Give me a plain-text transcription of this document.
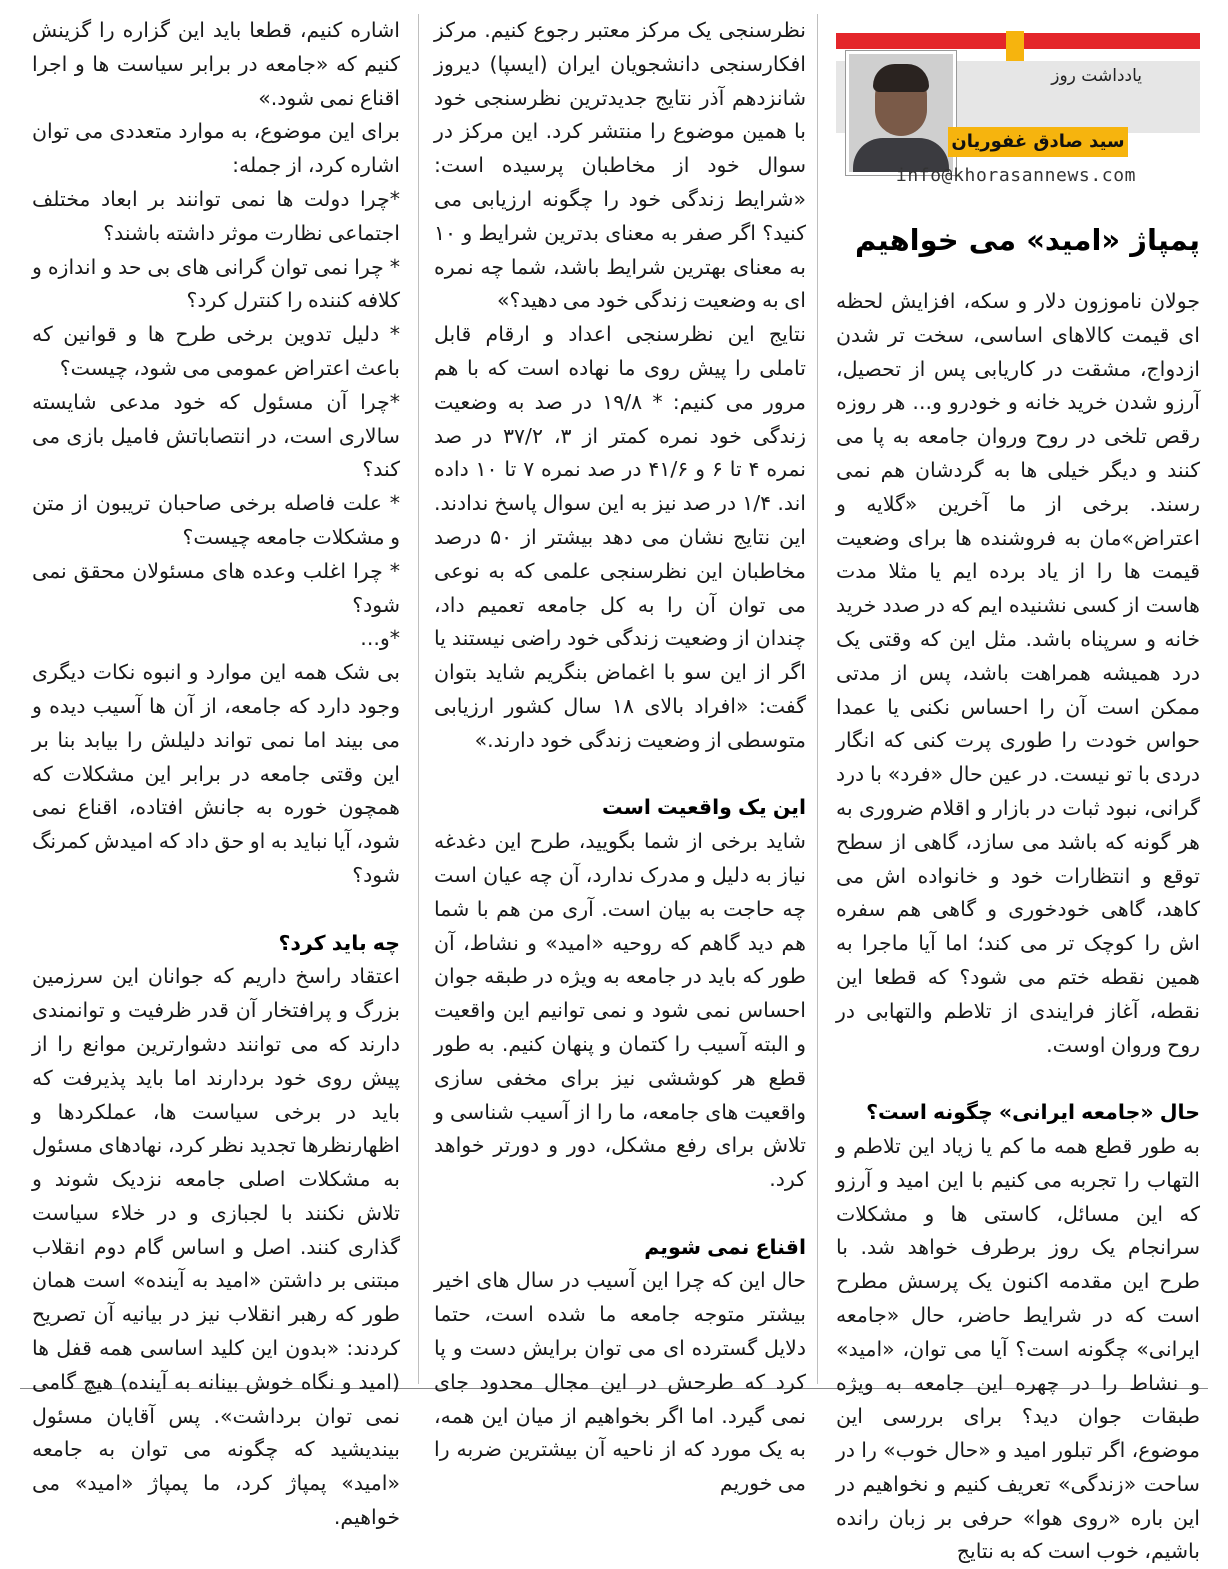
یادداشت روز
سید صادق غفوریان
info@khorasannews.com
پمپاژ «امید» می خواهیم

جولان ناموزون دلار و سکه، افزایش لحظه ای قیمت کالاهای اساسی، سخت تر شدن ازدواج، مشقت در کاریابی پس از تحصیل، آرزو شدن خرید خانه و خودرو و... هر روزه رقص تلخی در روح وروان جامعه به پا می کنند و دیگر خیلی ها به گردشان هم نمی رسند. برخی از ما آخرین «گلایه و اعتراض»مان به فروشنده ها برای وضعیت قیمت ها را از یاد برده ایم یا مثلا مدت هاست از کسی نشنیده ایم که در صدد خرید خانه و سرپناه باشد. مثل این که وقتی یک درد همیشه همراهت باشد، پس از مدتی ممکن است آن را احساس نکنی یا عمدا حواس خودت را طوری پرت کنی که انگار دردی با تو نیست. در عین حال «فرد» با درد گرانی، نبود ثبات در بازار و اقلام ضروری به هر گونه که باشد می سازد، گاهی از سطح توقع و انتظارات خود و خانواده اش می کاهد، گاهی خودخوری و گاهی هم سفره اش را کوچک تر می کند؛ اما آیا ماجرا به همین نقطه ختم می شود؟ که قطعا این نقطه، آغاز فرایندی از تلاطم والتهابی در روح وروان اوست.

حال «جامعه ایرانی» چگونه است؟

به طور قطع همه ما کم یا زیاد این تلاطم و التهاب را تجربه می کنیم با این امید و آرزو که این مسائل، کاستی ها و مشکلات سرانجام یک روز برطرف خواهد شد. با طرح این مقدمه اکنون یک پرسش مطرح است که در شرایط حاضر، حال «جامعه ایرانی» چگونه است؟ آیا می توان، «امید» و نشاط را در چهره این جامعه به ویژه طبقات جوان دید؟ برای بررسی این موضوع، اگر تبلور امید و «حال خوب» را در ساحت «زندگی» تعریف کنیم و نخواهیم در این باره «روی هوا» حرفی بر زبان رانده باشیم، خوب است که به نتایج

نظرسنجی یک مرکز معتبر رجوع کنیم. مرکز افکارسنجی دانشجویان ایران (ایسپا) دیروز شانزدهم آذر نتایج جدیدترین نظرسنجی خود با همین موضوع را منتشر کرد. این مرکز در سوال خود از مخاطبان پرسیده است: «شرایط زندگی خود را چگونه ارزیابی می کنید؟ اگر صفر به معنای بدترین شرایط و ۱۰ به معنای بهترین شرایط باشد، شما چه نمره ای به وضعیت زندگی خود می دهید؟»

نتایج این نظرسنجی اعداد و ارقام قابل تاملی را پیش روی ما نهاده است که با هم مرور می کنیم: * ۱۹/۸ در صد به وضعیت زندگی خود نمره کمتر از ۳، ۳۷/۲ در صد نمره ۴ تا ۶ و ۴۱/۶ در صد نمره ۷ تا ۱۰ داده اند. ۱/۴ در صد نیز به این سوال پاسخ ندادند. این نتایج نشان می دهد بیشتر از ۵۰ درصد مخاطبان این نظرسنجی علمی که به نوعی می توان آن را به کل جامعه تعمیم داد، چندان از وضعیت زندگی خود راضی نیستند یا اگر از این سو با اغماض بنگریم شاید بتوان گفت: «افراد بالای ۱۸ سال کشور ارزیابی متوسطی از وضعیت زندگی خود دارند.»

این یک واقعیت است

شاید برخی از شما بگویید، طرح این دغدغه نیاز به دلیل و مدرک ندارد، آن چه عیان است چه حاجت به بیان است. آری من هم با شما هم دید گاهم که روحیه «امید» و نشاط، آن طور که باید در جامعه به ویژه در طبقه جوان احساس نمی شود و نمی توانیم این واقعیت و البته آسیب را کتمان و پنهان کنیم. به طور قطع هر کوششی نیز برای مخفی سازی واقعیت های جامعه، ما را از آسیب شناسی و تلاش برای رفع مشکل، دور و دورتر خواهد کرد.

اقناع نمی شویم

حال این که چرا این آسیب در سال های اخیر بیشتر متوجه جامعه ما شده است، حتما دلایل گسترده ای می توان برایش دست و پا کرد که طرحش در این مجال محدود جای نمی گیرد. اما اگر بخواهیم از میان این همه، به یک مورد که از ناحیه آن بیشترین ضربه را می خوریم

اشاره کنیم، قطعا باید این گزاره را گزینش کنیم که «جامعه در برابر سیاست ها و اجرا اقناع نمی شود.»

برای این موضوع، به موارد متعددی می توان اشاره کرد، از جمله:

*چرا دولت ها نمی توانند بر ابعاد مختلف اجتماعی نظارت موثر داشته باشند؟

* چرا نمی توان گرانی های بی حد و اندازه و کلافه کننده را کنترل کرد؟

* دلیل تدوین برخی طرح ها و قوانین که باعث اعتراض عمومی می شود، چیست؟

*چرا آن مسئول که خود مدعی شایسته سالاری است، در انتصاباتش فامیل بازی می کند؟

* علت فاصله برخی صاحبان تریبون از متن و مشکلات جامعه چیست؟

* چرا اغلب وعده های مسئولان محقق نمی شود؟

*و...

بی شک همه این موارد و انبوه نکات دیگری وجود دارد که جامعه، از آن ها آسیب دیده و می بیند اما نمی تواند دلیلش را بیابد بنا بر این وقتی جامعه در برابر این مشکلات که همچون خوره به جانش افتاده، اقناع نمی شود، آیا نباید به او حق داد که امیدش کمرنگ شود؟

چه باید کرد؟

اعتقاد راسخ داریم که جوانان این سرزمین بزرگ و پرافتخار آن قدر ظرفیت و توانمندی دارند که می توانند دشوارترین موانع را از پیش روی خود بردارند اما باید پذیرفت که باید در برخی سیاست ها، عملکردها و اظهارنظرها تجدید نظر کرد، نهادهای مسئول به مشکلات اصلی جامعه نزدیک شوند و تلاش نکنند با لجبازی و در خلاء سیاست گذاری کنند. اصل و اساس گام دوم انقلاب مبتنی بر داشتن «امید به آینده» است همان طور که رهبر انقلاب نیز در بیانیه آن تصریح کردند: «بدون این کلید اساسی همه قفل ها (امید و نگاه خوش بینانه به آینده) هیچ گامی نمی توان برداشت». پس آقایان مسئول بیندیشید که چگونه می توان به جامعه «امید» پمپاژ کرد، ما پمپاژ «امید» می خواهیم.
